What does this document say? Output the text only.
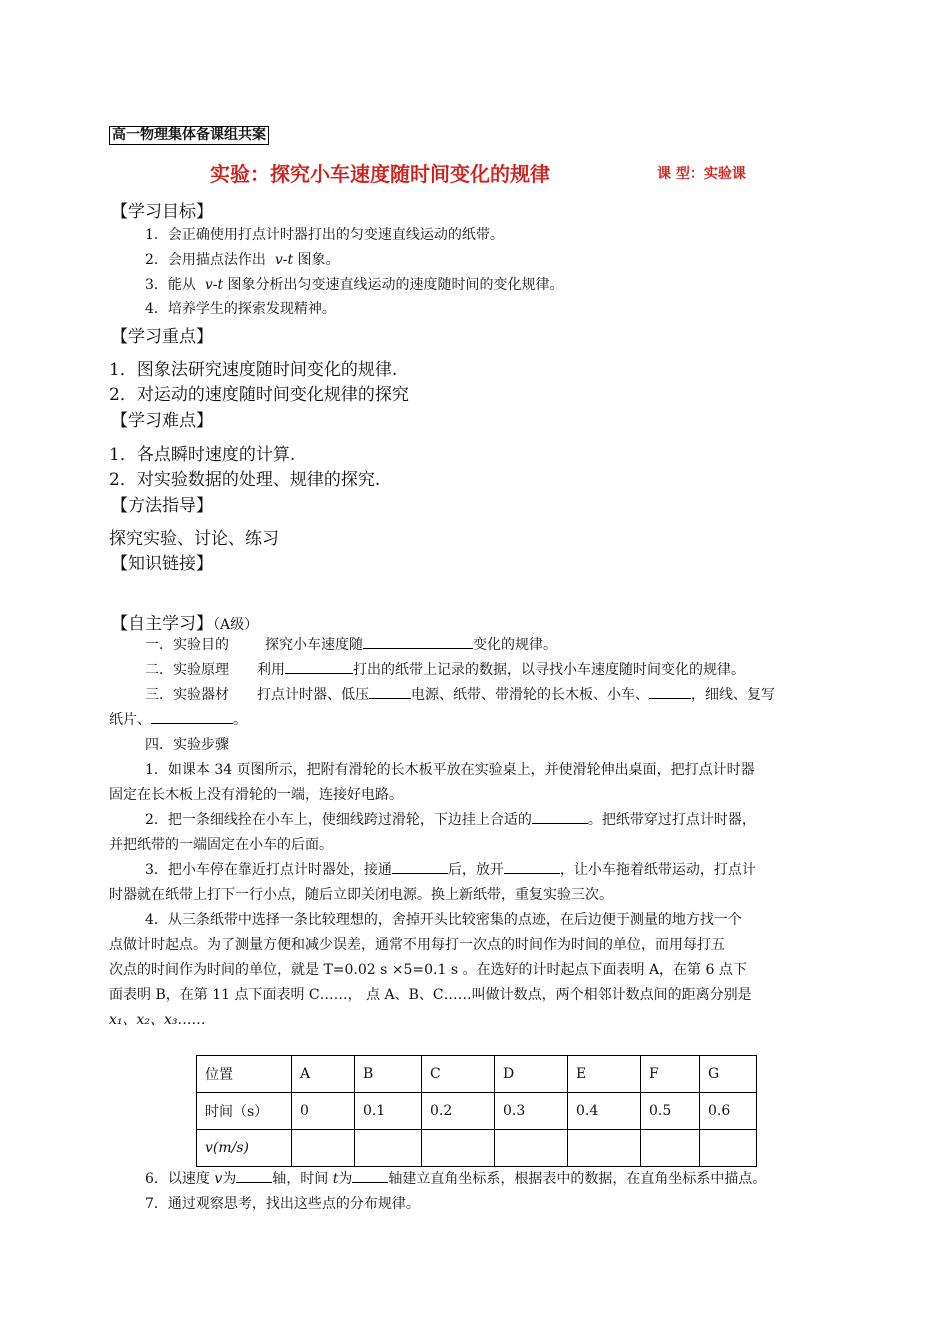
高一物理集体备课组共案
实验：探究小车速度随时间变化的规律	课 型：实验课
【学习目标】
1．会正确使用打点计时器打出的匀变速直线运动的纸带。
2．会用描点法作出 v-t 图象。
3．能从 v-t 图象分析出匀变速直线运动的速度随时间的变化规律。
4．培养学生的探索发现精神。
【学习重点】
1．图象法研究速度随时间变化的规律.
2．对运动的速度随时间变化规律的探究
【学习难点】
1．各点瞬时速度的计算.
2．对实验数据的处理、规律的探究.
【方法指导】
探究实验、讨论、练习
【知识链接】
【自主学习】（A级）
一．实验目的	探究小车速度随	变化的规律。
二．实验原理 利用	打出的纸带上记录的数据，以寻找小车速度随时间变化的规律。
三．实验器材 打点计时器、低压	电源、纸带、带滑轮的长木板、小车、	，细线、复写
纸片、	。
四．实验步骤
1．如课本 34 页图所示，把附有滑轮的长木板平放在实验桌上，并使滑轮伸出桌面，把打点计时器
固定在长木板上没有滑轮的一端，连接好电路。
2．把一条细线拴在小车上，使细线跨过滑轮，下边挂上合适的	。把纸带穿过打点计时器，
并把纸带的一端固定在小车的后面。
3．把小车停在靠近打点计时器处，接通	后，放开	，让小车拖着纸带运动，打点计
时器就在纸带上打下一行小点，随后立即关闭电源。换上新纸带，重复实验三次。
4．从三条纸带中选择一条比较理想的，舍掉开头比较密集的点迹，在后边便于测量的地方找一个
点做计时起点。为了测量方便和减少误差，通常不用每打一次点的时间作为时间的单位，而用每打五
次点的时间作为时间的单位，就是 T=0.02 s ×5=0.1 s 。在选好的计时起点下面表明 A，在第 6 点下
面表明 B，在第 11 点下面表明 C……， 点 A、B、C……叫做计数点，两个相邻计数点间的距离分别是
x₁、x₂、x₃……
位置	A	B	C	D	E	F	G
时间（s）	0	0.1	0.2	0.3	0.4	0.5	0.6
v(m/s)							
6．以速度 v为	轴，时间 t为	轴建立直角坐标系，根据表中的数据，在直角坐标系中描点。
7．通过观察思考，找出这些点的分布规律。
